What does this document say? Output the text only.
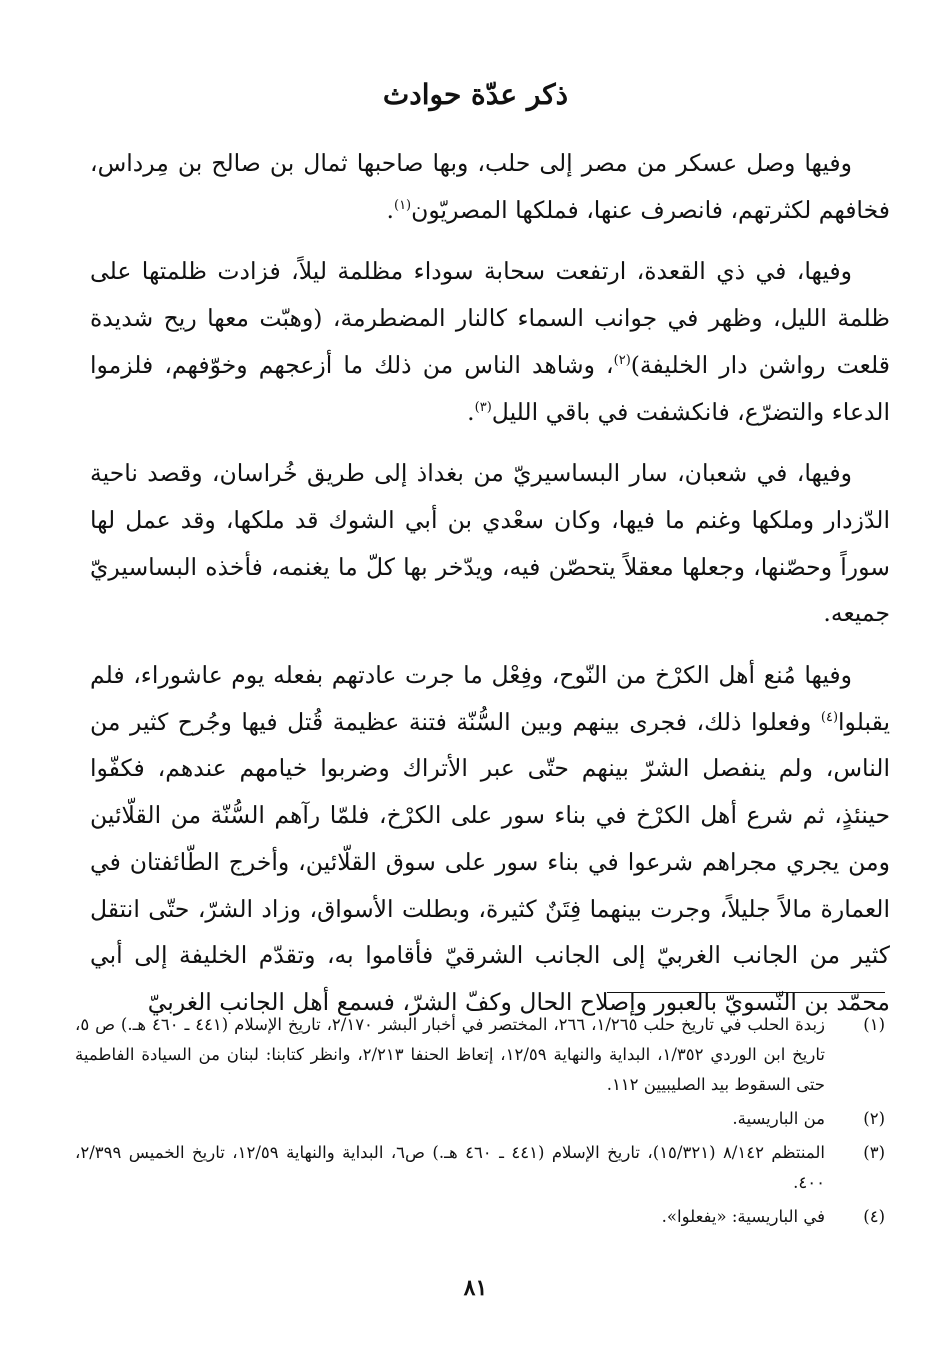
ذكر عدّة حوادث

وفيها وصل عسكر من مصر إلى حلب، وبها صاحبها ثمال بن صالح بن مِرداس، فخافهم لكثرتهم، فانصرف عنها، فملكها المصريّون$^{(١)}$.

وفيها، في ذي القعدة، ارتفعت سحابة سوداء مظلمة ليلاً، فزادت ظلمتها على ظلمة الليل، وظهر في جوانب السماء كالنار المضطرمة، (وهبّت معها ريح شديدة قلعت رواشن دار الخليفة)$^{(٢)}$، وشاهد الناس من ذلك ما أزعجهم وخوّفهم، فلزموا الدعاء والتضرّع، فانكشفت في باقي الليل$^{(٣)}$.

وفيها، في شعبان، سار البساسيريّ من بغداذ إلى طريق خُراسان، وقصد ناحية الدّزدار وملكها وغنم ما فيها، وكان سعْدي بن أبي الشوك قد ملكها، وقد عمل لها سوراً وحصّنها، وجعلها معقلاً يتحصّن فيه، ويدّخر بها كلّ ما يغنمه، فأخذه البساسيريّ جميعه.

وفيها مُنع أهل الكرْخ من النّوح، وفِعْل ما جرت عادتهم بفعله يوم عاشوراء، فلم يقبلوا$^{(٤)}$ وفعلوا ذلك، فجرى بينهم وبين السُّنّة فتنة عظيمة قُتل فيها وجُرح كثير من الناس، ولم ينفصل الشرّ بينهم حتّى عبر الأتراك وضربوا خيامهم عندهم، فكفّوا حينئذٍ، ثم شرع أهل الكرْخ في بناء سور على الكرْخ، فلمّا رآهم السُّنّة من القلّائين ومن يجري مجراهم شرعوا في بناء سور على سوق القلّائين، وأخرج الطّائفتان في العمارة مالاً جليلاً، وجرت بينهما فِتَنٌ كثيرة، وبطلت الأسواق، وزاد الشرّ، حتّى انتقل كثير من الجانب الغربيّ إلى الجانب الشرقيّ فأقاموا به، وتقدّم الخليفة إلى أبي محمّد بن النّسويّ بالعبور وإصلاح الحال وكفّ الشرّ، فسمع أهل الجانب الغربيّ

(١)
زبدة الحلب في تاريخ حلب ١/٢٦٥، ٢٦٦، المختصر في أخبار البشر ٢/١٧٠، تاريخ الإسلام (٤٤١ ـ ٤٦٠ هـ.) ص ٥، تاريخ ابن الوردي ١/٣٥٢، البداية والنهاية ١٢/٥٩، إتعاظ الحنفا ٢/٢١٣، وانظر كتابنا: لبنان من السيادة الفاطمية حتى السقوط بيد الصليبيين ١١٢.
(٢)
من الباريسية.
(٣)
المنتظم ٨/١٤٢ (١٥/٣٢١)، تاريخ الإسلام (٤٤١ ـ ٤٦٠ هـ.) ص٦، البداية والنهاية ١٢/٥٩، تاريخ الخميس ٢/٣٩٩، ٤٠٠.
(٤)
في الباريسية: «يفعلوا».
٨١
